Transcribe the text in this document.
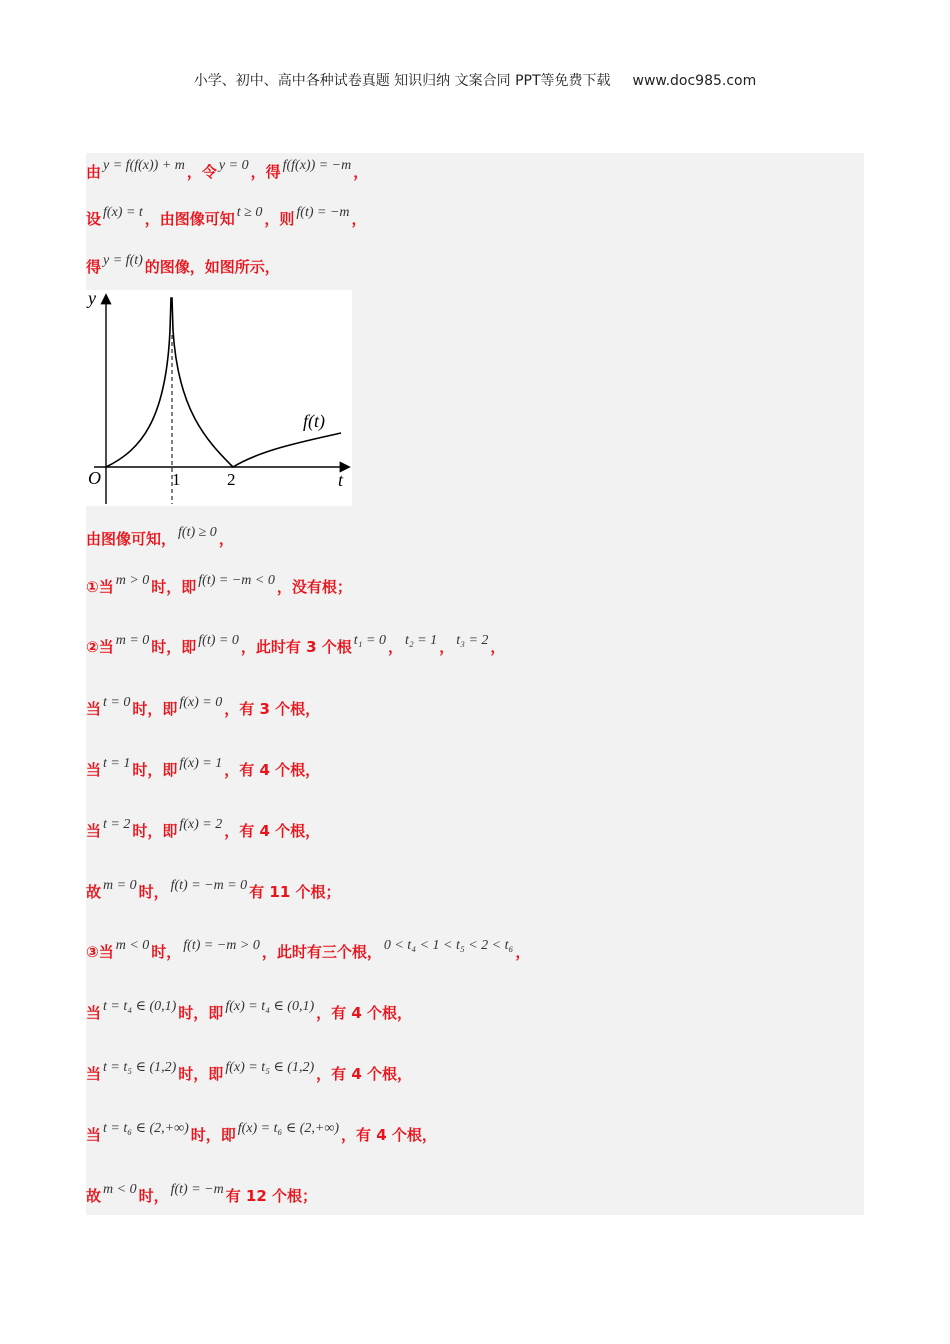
小学、初中、高中各种试卷真题 知识归纳 文案合同 PPT等免费下载 www.doc985.com
由 y = f(f(x)) + m ，令 y = 0 ，得 f(f(x)) = −m ，
设 f(x) = t ，由图像可知 t ≥ 0 ，则 f(t) = −m ，
得 y = f(t) 的图像，如图所示，
由图像可知， f(t) ≥ 0 ，
①当 m > 0 时，即 f(t) = −m < 0 ，没有根；
②当 m = 0 时，即 f(t) = 0 ，此时有 3 个根 t₁ = 0 ， t₂ = 1 ， t₃ = 2 ，
当 t = 0 时，即 f(x) = 0 ，有 3 个根，
当 t = 1 时，即 f(x) = 1 ，有 4 个根，
当 t = 2 时，即 f(x) = 2 ，有 4 个根，
故 m = 0 时， f(t) = −m = 0 有 11 个根；
③当 m < 0 时， f(t) = −m > 0 ，此时有三个根， 0 < t₄ < 1 < t₅ < 2 < t₆ ，
当 t = t₄ ∈ (0,1) 时，即 f(x) = t₄ ∈ (0,1) ，有 4 个根，
当 t = t₅ ∈ (1,2) 时，即 f(x) = t₅ ∈ (1,2) ，有 4 个根，
当 t = t₆ ∈ (2,+∞) 时，即 f(x) = t₆ ∈ (2,+∞) ，有 4 个根，
故 m < 0 时， f(t) = −m 有 12 个根；
y
t
O	1	2
f(t)
